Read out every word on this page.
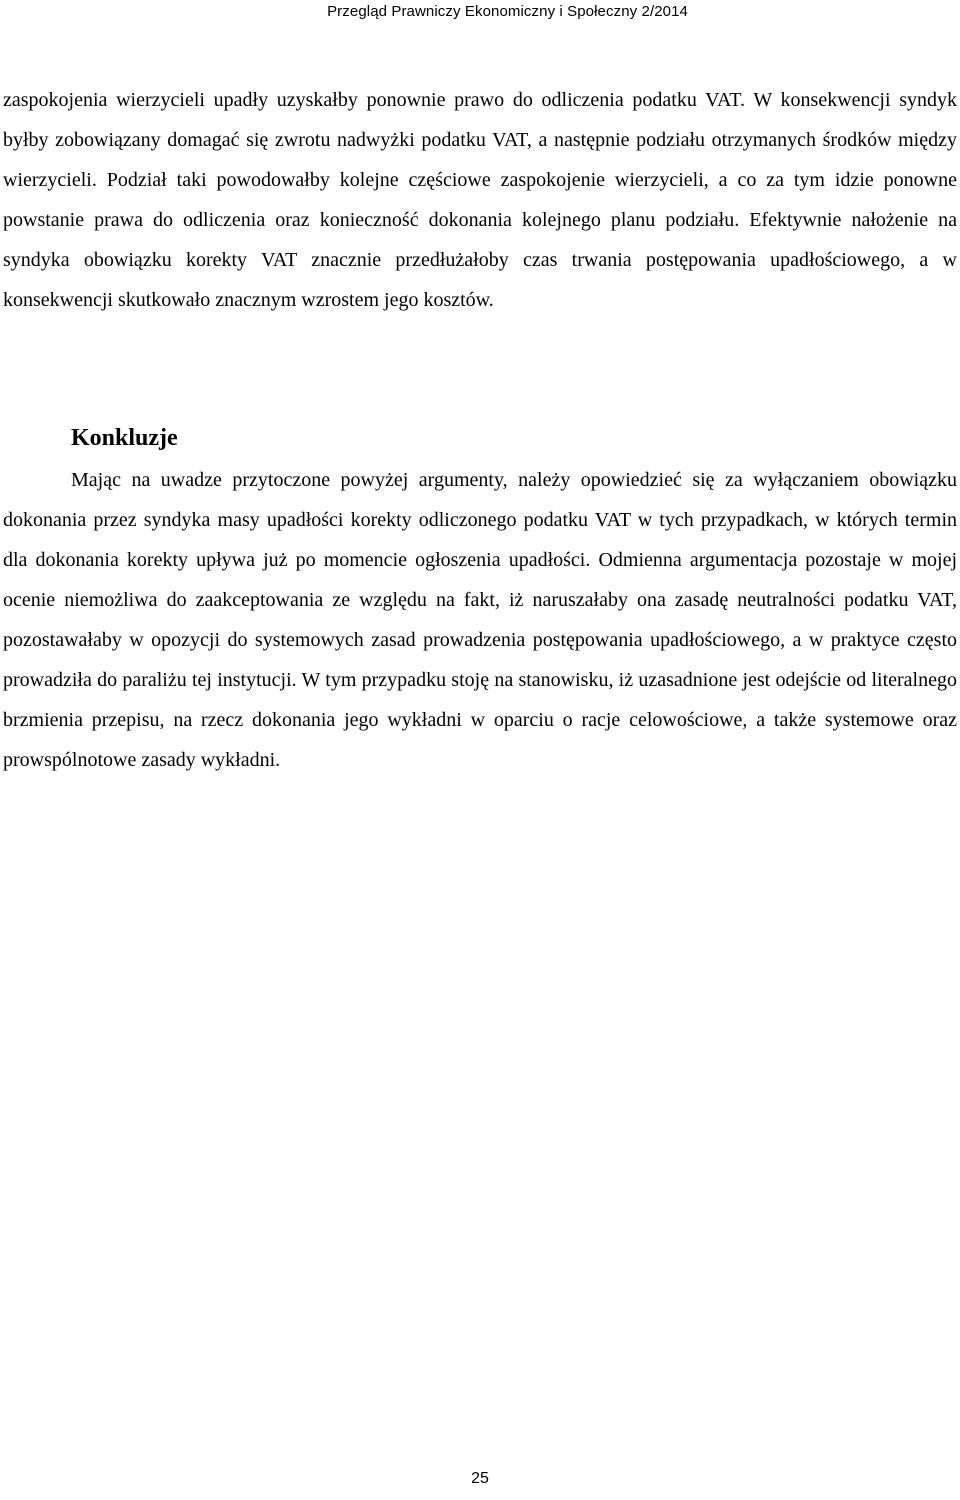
Przegląd Prawniczy Ekonomiczny i Społeczny 2/2014

zaspokojenia wierzycieli upadły uzyskałby ponownie prawo do odliczenia podatku VAT. W konsekwencji syndyk byłby zobowiązany domagać się zwrotu nadwyżki podatku VAT, a następnie podziału otrzymanych środków między wierzycieli. Podział taki powodowałby kolejne częściowe zaspokojenie wierzycieli, a co za tym idzie ponowne powstanie prawa do odliczenia oraz konieczność dokonania kolejnego planu podziału. Efektywnie nałożenie na syndyka obowiązku korekty VAT znacznie przedłużałoby czas trwania postępowania upadłościowego, a w konsekwencji skutkowało znacznym wzrostem jego kosztów.

Konkluzje

Mając na uwadze przytoczone powyżej argumenty, należy opowiedzieć się za wyłączaniem obowiązku dokonania przez syndyka masy upadłości korekty odliczonego podatku VAT w tych przypadkach, w których termin dla dokonania korekty upływa już po momencie ogłoszenia upadłości. Odmienna argumentacja pozostaje w mojej ocenie niemożliwa do zaakceptowania ze względu na fakt, iż naruszałaby ona zasadę neutralności podatku VAT, pozostawałaby w opozycji do systemowych zasad prowadzenia postępowania upadłościowego, a w praktyce często prowadziła do paraliżu tej instytucji. W tym przypadku stoję na stanowisku, iż uzasadnione jest odejście od literalnego brzmienia przepisu, na rzecz dokonania jego wykładni w oparciu o racje celowościowe, a także systemowe oraz prowspólnotowe zasady wykładni.

25
